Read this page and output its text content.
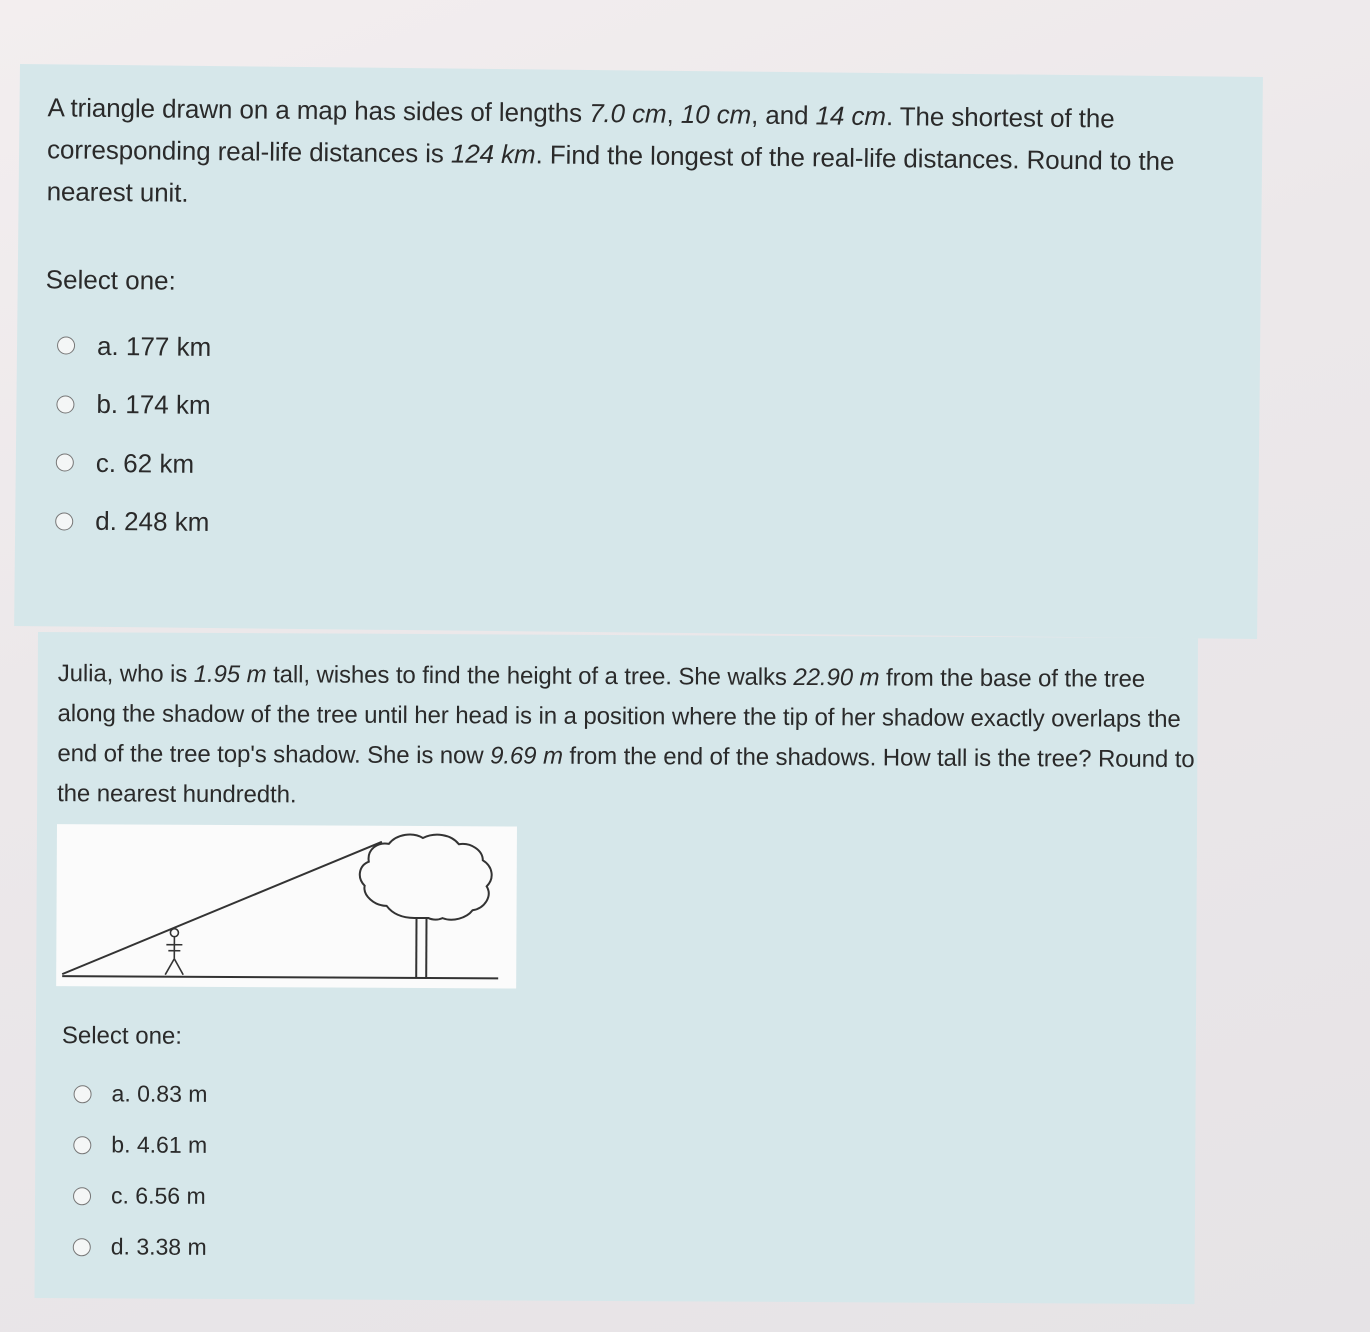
A triangle drawn on a map has sides of lengths 7.0 cm, 10 cm, and 14 cm. The shortest of the corresponding real-life distances is 124 km. Find the longest of the real-life distances. Round to the nearest unit.
Select one:
a. 177 km
b. 174 km
c. 62 km
d. 248 km
Julia, who is 1.95 m tall, wishes to find the height of a tree. She walks 22.90 m from the base of the tree along the shadow of the tree until her head is in a position where the tip of her shadow exactly overlaps the end of the tree top's shadow. She is now 9.69 m from the end of the shadows. How tall is the tree? Round to the nearest hundredth.
Select one:
a. 0.83 m
b. 4.61 m
c. 6.56 m
d. 3.38 m
